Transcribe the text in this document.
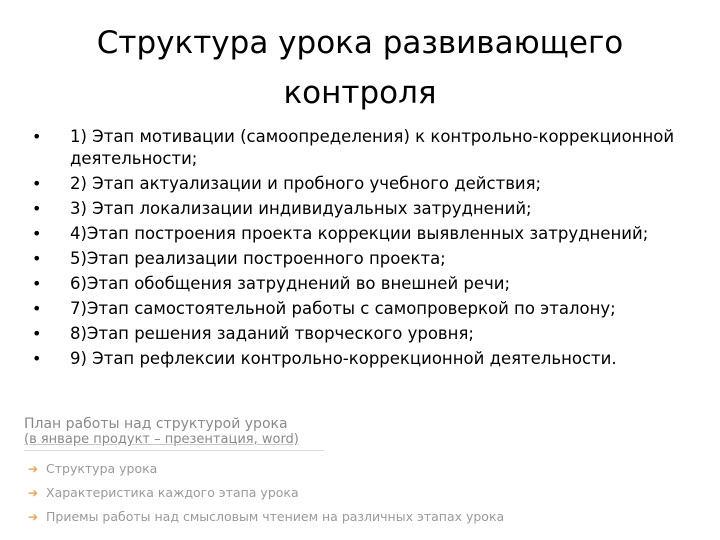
Структура урока развивающего контроля
• 1) Этап мотивации (самоопределения) к контрольно-коррекционной деятельности;
• 2) Этап актуализации и пробного учебного действия;
• 3) Этап локализации индивидуальных затруднений;
• 4)Этап построения проекта коррекции выявленных затруднений;
• 5)Этап реализации построенного проекта;
• 6)Этап обобщения затруднений во внешней речи;
• 7)Этап самостоятельной работы с самопроверкой по эталону;
• 8)Этап решения заданий творческого уровня;
• 9) Этап рефлексии контрольно-коррекционной деятельности.
План работы над структурой урока
(в январе продукт – презентация, word)
➔ Структура урока
➔ Характеристика каждого этапа урока
➔ Приемы работы над смысловым чтением на различных этапах урока
